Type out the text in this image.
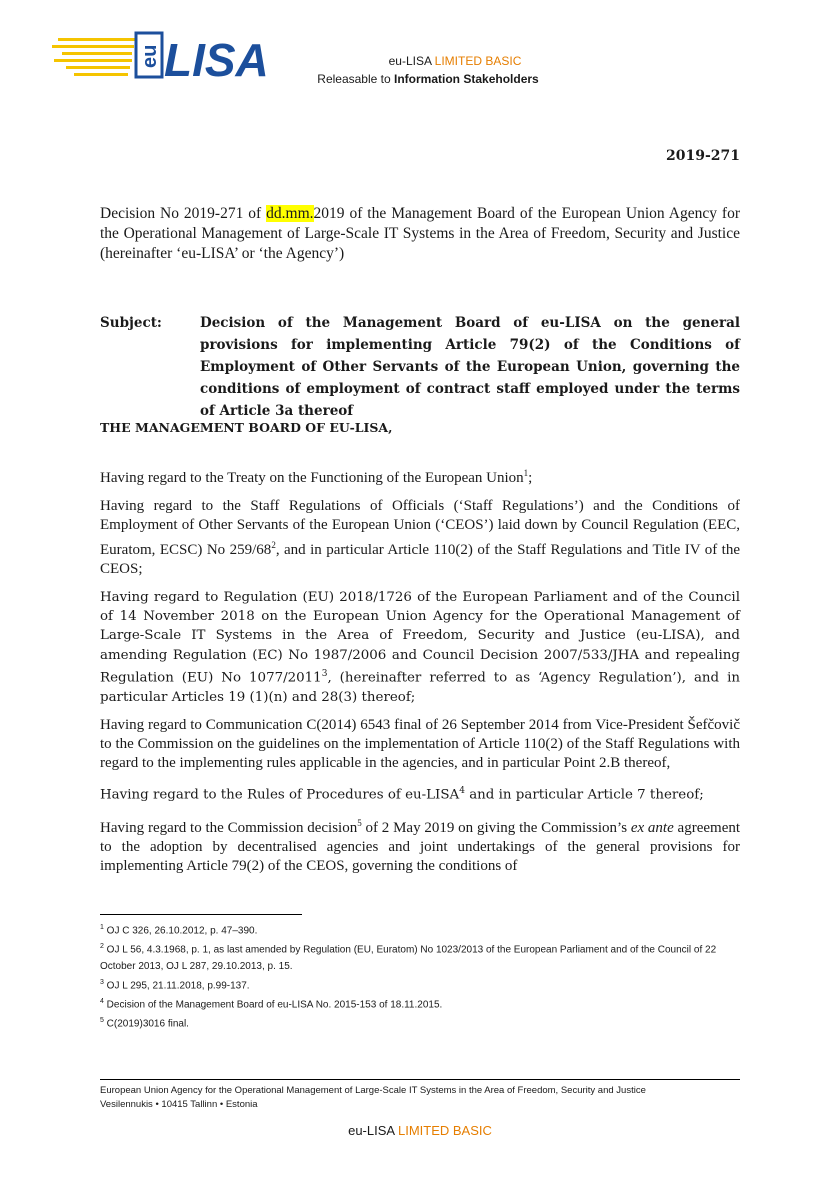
eu LISA	eu-LISA LIMITED BASIC
Releasable to Information Stakeholders
2019-271
Decision No 2019-271 of dd.mm.2019 of the Management Board of the European Union Agency for the Operational Management of Large-Scale IT Systems in the Area of Freedom, Security and Justice (hereinafter ‘eu-LISA’ or ‘the Agency’)
Subject:	Decision of the Management Board of eu-LISA on the general provisions for implementing Article 79(2) of the Conditions of Employment of Other Servants of the European Union, governing the conditions of employment of contract staff employed under the terms of Article 3a thereof
THE MANAGEMENT BOARD OF EU-LISA,

Having regard to the Treaty on the Functioning of the European Union$^1$;

Having regard to the Staff Regulations of Officials (‘Staff Regulations’) and the Conditions of Employment of Other Servants of the European Union (‘CEOS’) laid down by Council Regulation (EEC, Euratom, ECSC) No $259/68^2$, and in particular Article 110(2) of the Staff Regulations and Title IV of the CEOS;

Having regard to Regulation (EU) 2018/1726 of the European Parliament and of the Council of 14 November 2018 on the European Union Agency for the Operational Management of Large-Scale IT Systems in the Area of Freedom, Security and Justice (eu-LISA), and amending Regulation (EC) No 1987/2006 and Council Decision 2007/533/JHA and repealing Regulation (EU) No 1077/2011$^3$, (hereinafter referred to as ‘Agency Regulation’), and in particular Articles 19 (1)(n) and 28(3) thereof;

Having regard to Communication C(2014) 6543 final of 26 September 2014 from Vice-President Šefčovič to the Commission on the guidelines on the implementation of Article 110(2) of the Staff Regulations with regard to the implementing rules applicable in the agencies, and in particular Point 2.B thereof,

Having regard to the Rules of Procedures of eu-LISA$^4$ and in particular Article 7 thereof;

Having regard to the Commission decision$^5$ of 2 May 2019 on giving the Commission’s ex ante agreement to the adoption by decentralised agencies and joint undertakings of the general provisions for implementing Article 79(2) of the CEOS, governing the conditions of

$^1$ OJ C 326, 26.10.2012, p. 47–390.
$^2$ OJ L 56, 4.3.1968, p. 1, as last amended by Regulation (EU, Euratom) No 1023/2013 of the European Parliament and of the Council of 22 October 2013, OJ L 287, 29.10.2013, p. 15.
$^3$ OJ L 295, 21.11.2018, p.99-137.
$^4$ Decision of the Management Board of eu-LISA No. 2015-153 of 18.11.2015.
$^5$ C(2019)3016 final.
European Union Agency for the Operational Management of Large-Scale IT Systems in the Area of Freedom, Security and Justice
Vesilennukis • 10415 Tallinn • Estonia
eu-LISA LIMITED BASIC
